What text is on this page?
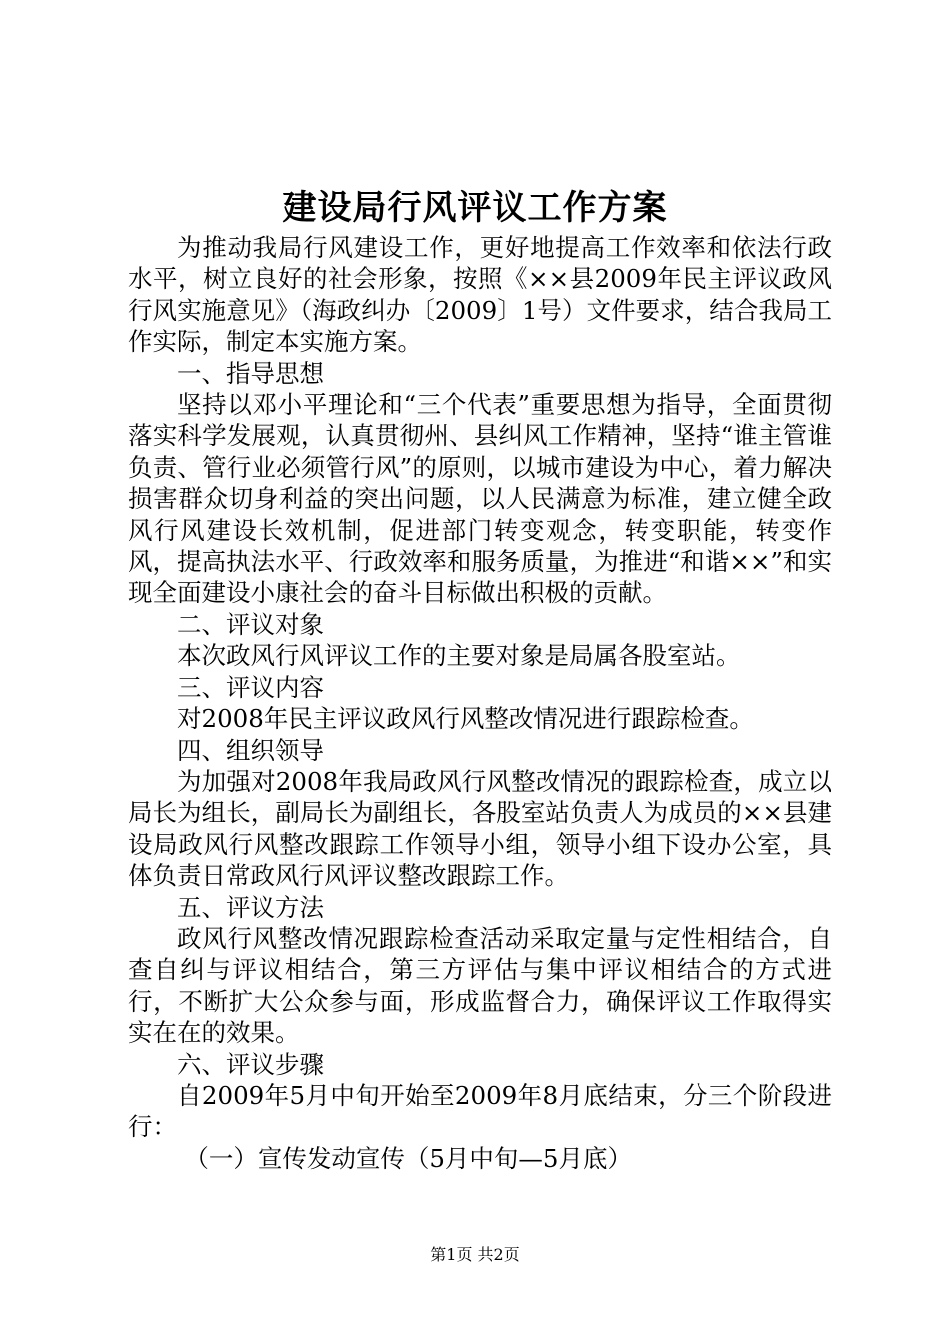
建设局行风评议工作方案

为推动我局行风建设工作，更好地提高工作效率和依法行政水平，树立良好的社会形象，按照《××县2009年民主评议政风行风实施意见》（海政纠办〔2009〕1号）文件要求，结合我局工作实际，制定本实施方案。

一、指导思想

坚持以邓小平理论和“三个代表”重要思想为指导，全面贯彻落实科学发展观，认真贯彻州、县纠风工作精神，坚持“谁主管谁负责、管行业必须管行风”的原则，以城市建设为中心，着力解决损害群众切身利益的突出问题，以人民满意为标准，建立健全政风行风建设长效机制，促进部门转变观念，转变职能，转变作风，提高执法水平、行政效率和服务质量，为推进“和谐××”和实现全面建设小康社会的奋斗目标做出积极的贡献。

二、评议对象

本次政风行风评议工作的主要对象是局属各股室站。

三、评议内容

对2008年民主评议政风行风整改情况进行跟踪检查。

四、组织领导

为加强对2008年我局政风行风整改情况的跟踪检查，成立以局长为组长，副局长为副组长，各股室站负责人为成员的××县建设局政风行风整改跟踪工作领导小组，领导小组下设办公室，具体负责日常政风行风评议整改跟踪工作。

五、评议方法

政风行风整改情况跟踪检查活动采取定量与定性相结合，自查自纠与评议相结合，第三方评估与集中评议相结合的方式进行，不断扩大公众参与面，形成监督合力，确保评议工作取得实实在在的效果。

六、评议步骤

自2009年5月中旬开始至2009年8月底结束，分三个阶段进行：

（一）宣传发动宣传（5月中旬—5月底）

第1页 共2页
